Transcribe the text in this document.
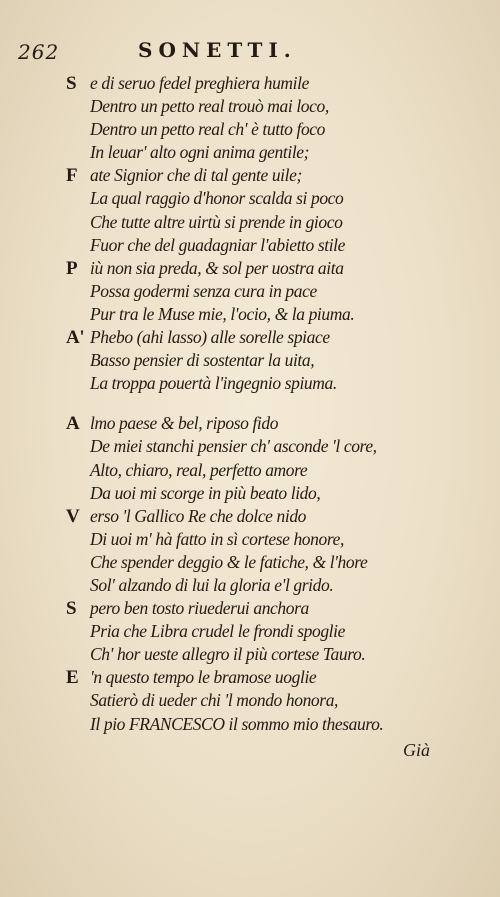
262	SONETTI.
S e di seruo fedel preghiera humile
Dentro un petto real trouò mai loco,
Dentro un petto real ch' è tutto foco
In leuar' alto ogni anima gentile;
F ate Signior che di tal gente uile;
La qual raggio d'honor scalda si poco
Che tutte altre uirtù si prende in gioco
Fuor che del guadagniar l'abietto stile
P iù non sia preda, & sol per uostra aita
Possa godermi senza cura in pace
Pur tra le Muse mie, l'ocio, & la piuma.
A' Phebo (ahi lasso) alle sorelle spiace
Basso pensier di sostentar la uita,
La troppa pouertà l'ingegnio spiuma.
A lmo paese & bel, riposo fido
De miei stanchi pensier ch' asconde 'l core,
Alto, chiaro, real, perfetto amore
Da uoi mi scorge in più beato lido,
V erso 'l Gallico Re che dolce nido
Di uoi m' hà fatto in sì cortese honore,
Che spender deggio & le fatiche, & l'hore
Sol' alzando di lui la gloria e'l grido.
S pero ben tosto riuederui anchora
Pria che Libra crudel le frondi spoglie
Ch' hor ueste allegro il più cortese Tauro.
E 'n questo tempo le bramose uoglie
Satierò di ueder chi 'l mondo honora,
Il pio FRANCESCO il sommo mio thesauro.
Già
